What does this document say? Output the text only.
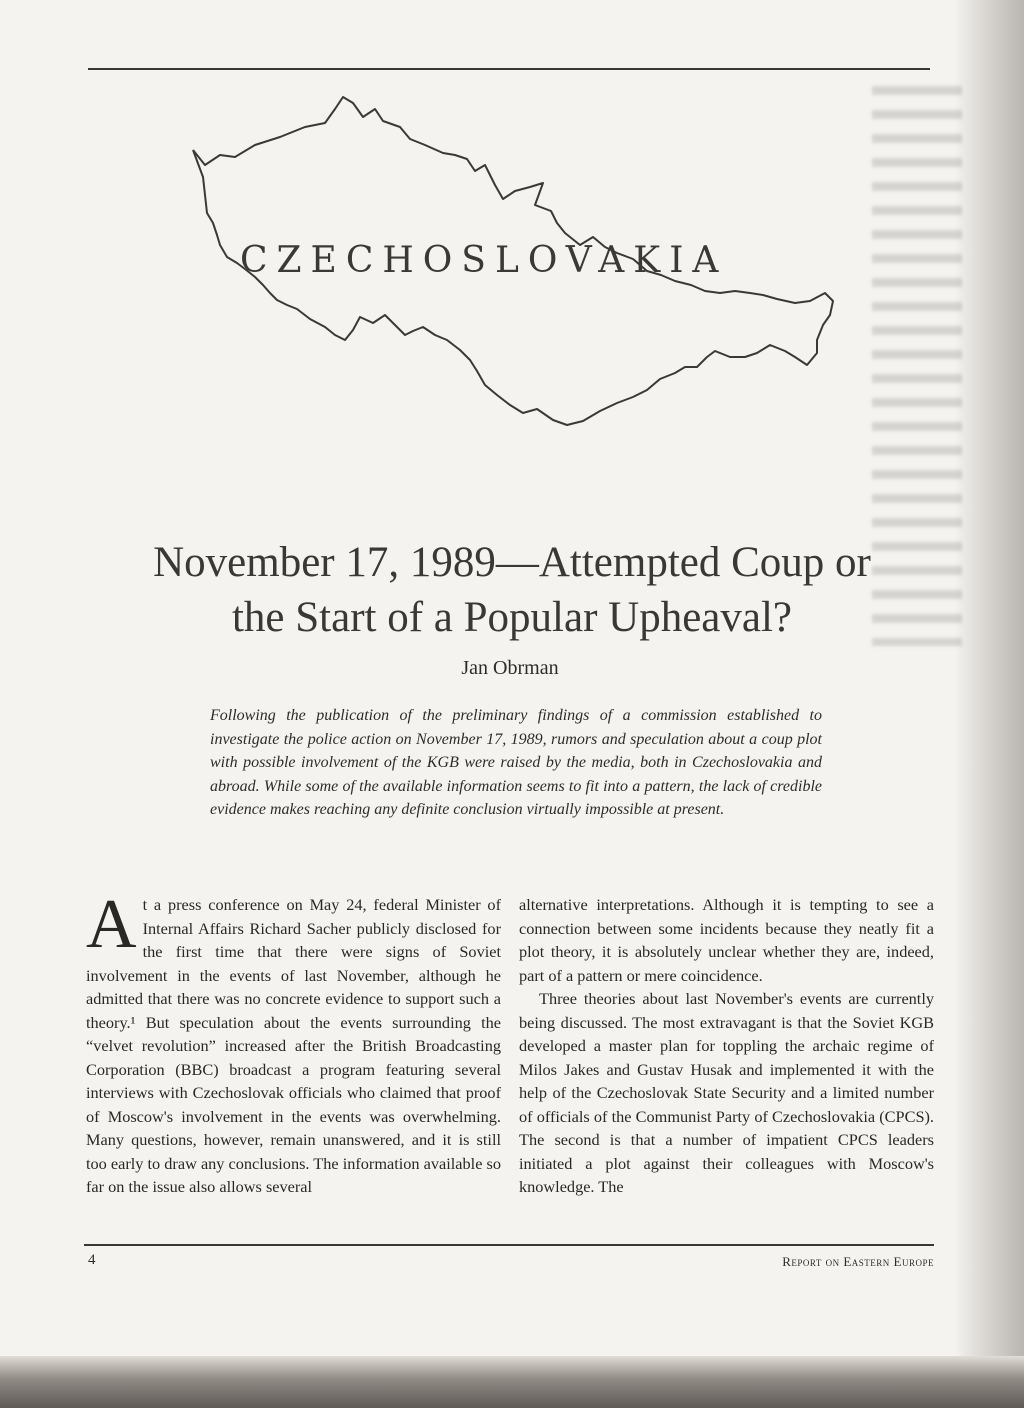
CZECHOSLOVAKIA
November 17, 1989—Attempted Coup or
the Start of a Popular Upheaval?
Jan Obrman
Following the publication of the preliminary findings of a commission established to investigate the police action on November 17, 1989, rumors and speculation about a coup plot with possible involvement of the KGB were raised by the media, both in Czechoslovakia and abroad. While some of the available information seems to fit into a pattern, the lack of credible evidence makes reaching any definite conclusion virtually impossible at present.

At a press conference on May 24, federal Minister of Internal Affairs Richard Sacher publicly disclosed for the first time that there were signs of Soviet involvement in the events of last November, although he admitted that there was no concrete evidence to support such a theory.¹ But speculation about the events surrounding the “velvet revolution” increased after the British Broadcasting Corporation (BBC) broadcast a program featuring several interviews with Czechoslovak officials who claimed that proof of Moscow's involvement in the events was overwhelming. Many questions, however, remain unanswered, and it is still too early to draw any conclusions. The information available so far on the issue also allows several

alternative interpretations. Although it is tempting to see a connection between some incidents because they neatly fit a plot theory, it is absolutely unclear whether they are, indeed, part of a pattern or mere coincidence.

Three theories about last November's events are currently being discussed. The most extravagant is that the Soviet KGB developed a master plan for toppling the archaic regime of Milos Jakes and Gustav Husak and implemented it with the help of the Czechoslovak State Security and a limited number of officials of the Communist Party of Czechoslovakia (CPCS). The second is that a number of impatient CPCS leaders initiated a plot against their colleagues with Moscow's knowledge. The

4	Report on Eastern Europe
